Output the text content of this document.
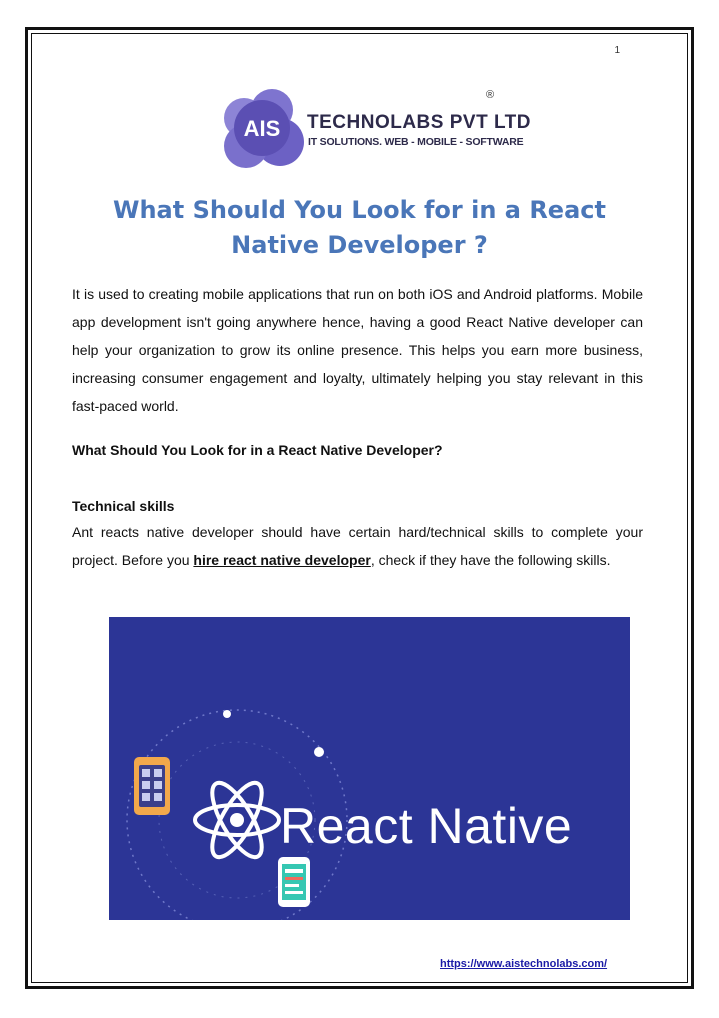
1
AIS
®
TECHNOLABS PVT LTD
IT SOLUTIONS. WEB - MOBILE - SOFTWARE
What Should You Look for in a React Native Developer ?

It is used to creating mobile applications that run on both iOS and Android platforms. Mobile app development isn't going anywhere hence, having a good React Native developer can help your organization to grow its online presence. This helps you earn more business, increasing consumer engagement and loyalty, ultimately helping you stay relevant in this fast-paced world.

What Should You Look for in a React Native Developer?

Technical skills

Ant reacts native developer should have certain hard/technical skills to complete your project. Before you hire react native developer, check if they have the following skills.

React Native
https://www.aistechnolabs.com/
